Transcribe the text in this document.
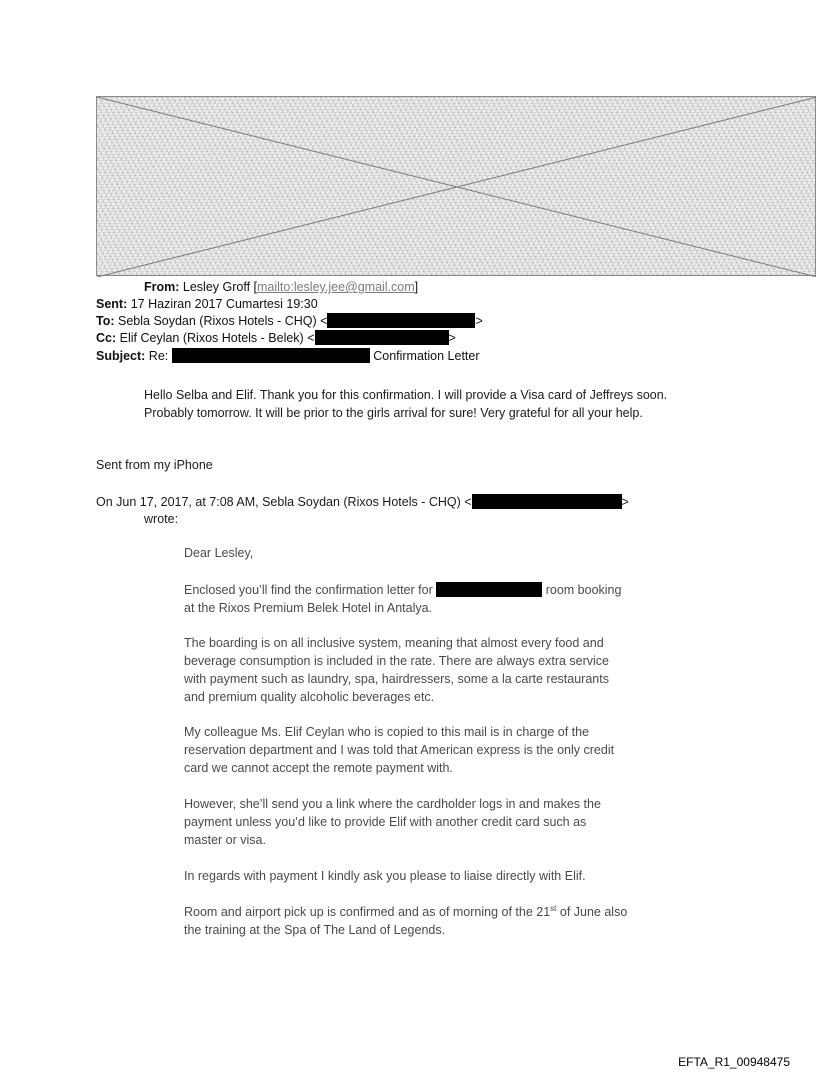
From: Lesley Groff [mailto:lesley.jee@gmail.com]
Sent: 17 Haziran 2017 Cumartesi 19:30
To: Sebla Soydan (Rixos Hotels - CHQ) <	>
Cc: Elif Ceylan (Rixos Hotels - Belek) <	>
Subject: Re:	Confirmation Letter
Hello Selba and Elif. Thank you for this confirmation. I will provide a Visa card of Jeffreys soon. Probably tomorrow. It will be prior to the girls arrival for sure! Very grateful for all your help.
Sent from my iPhone
On Jun 17, 2017, at 7:08 AM, Sebla Soydan (Rixos Hotels - CHQ) <	>
wrote:
Dear Lesley,
Enclosed you’ll find the confirmation letter for	room booking at the Rixos Premium Belek Hotel in Antalya.
The boarding is on all inclusive system, meaning that almost every food and beverage consumption is included in the rate. There are always extra service with payment such as laundry, spa, hairdressers, some a la carte restaurants and premium quality alcoholic beverages etc.
My colleague Ms. Elif Ceylan who is copied to this mail is in charge of the reservation department and I was told that American express is the only credit card we cannot accept the remote payment with.
However, she’ll send you a link where the cardholder logs in and makes the payment unless you’d like to provide Elif with another credit card such as master or visa.
In regards with payment I kindly ask you please to liaise directly with Elif.
Room and airport pick up is confirmed and as of morning of the 21st of June also the training at the Spa of The Land of Legends.
EFTA_R1_00948475
